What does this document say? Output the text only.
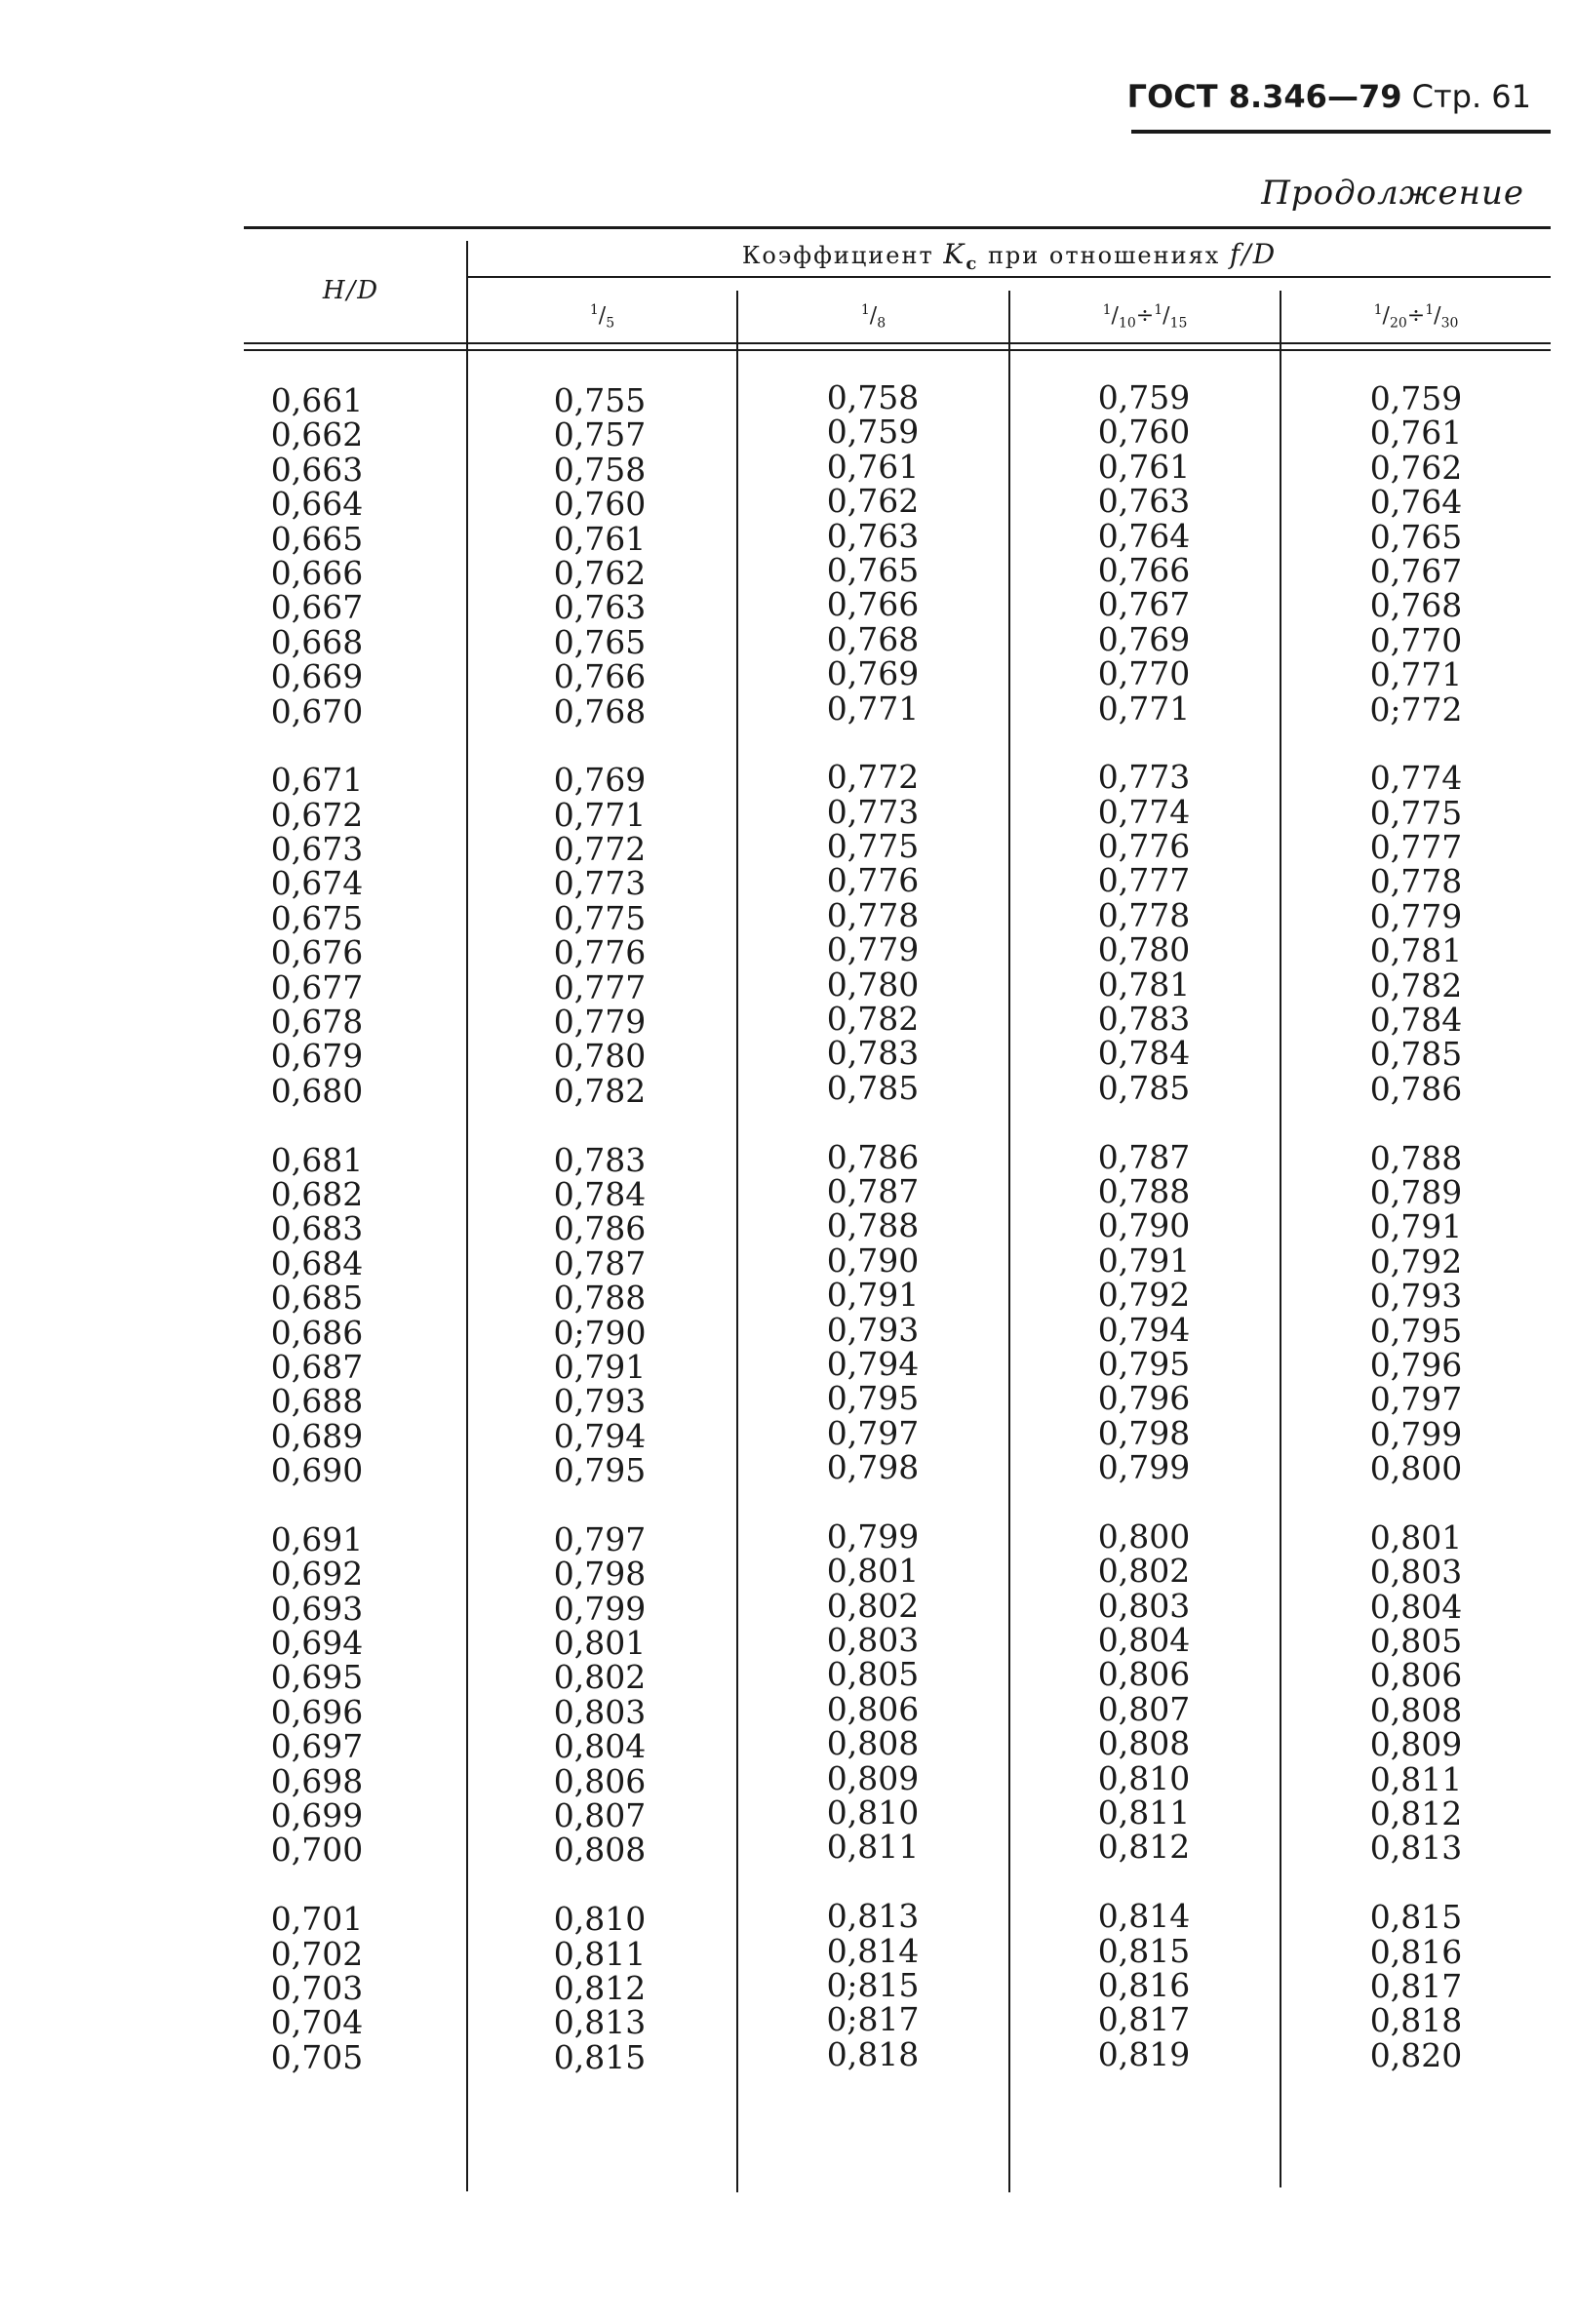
ГОСТ 8.346—79 Стр. 61
Продолжение
H/D
Коэффициент $K_с$ при отношениях f/D
$^1/_5$
$^1/_8$
$^1/_{10}\div^1/_{15}$
$^1/_{20}\div^1/_{30}$
0,661
0,662
0,663
0,664
0,665
0,666
0,667
0,668
0,669
0,670
0,671
0,672
0,673
0,674
0,675
0,676
0,677
0,678
0,679
0,680
0,681
0,682
0,683
0,684
0,685
0,686
0,687
0,688
0,689
0,690
0,691
0,692
0,693
0,694
0,695
0,696
0,697
0,698
0,699
0,700
0,701
0,702
0,703
0,704
0,705
0,755
0,757
0,758
0,760
0,761
0,762
0,763
0,765
0,766
0,768
0,769
0,771
0,772
0,773
0,775
0,776
0,777
0,779
0,780
0,782
0,783
0,784
0,786
0,787
0,788
0;790
0,791
0,793
0,794
0,795
0,797
0,798
0,799
0,801
0,802
0,803
0,804
0,806
0,807
0,808
0,810
0,811
0,812
0,813
0,815
0,758
0,759
0,761
0,762
0,763
0,765
0,766
0,768
0,769
0,771
0,772
0,773
0,775
0,776
0,778
0,779
0,780
0,782
0,783
0,785
0,786
0,787
0,788
0,790
0,791
0,793
0,794
0,795
0,797
0,798
0,799
0,801
0,802
0,803
0,805
0,806
0,808
0,809
0,810
0,811
0,813
0,814
0;815
0;817
0,818
0,759
0,760
0,761
0,763
0,764
0,766
0,767
0,769
0,770
0,771
0,773
0,774
0,776
0,777
0,778
0,780
0,781
0,783
0,784
0,785
0,787
0,788
0,790
0,791
0,792
0,794
0,795
0,796
0,798
0,799
0,800
0,802
0,803
0,804
0,806
0,807
0,808
0,810
0,811
0,812
0,814
0,815
0,816
0,817
0,819
0,759
0,761
0,762
0,764
0,765
0,767
0,768
0,770
0,771
0;772
0,774
0,775
0,777
0,778
0,779
0,781
0,782
0,784
0,785
0,786
0,788
0,789
0,791
0,792
0,793
0,795
0,796
0,797
0,799
0,800
0,801
0,803
0,804
0,805
0,806
0,808
0,809
0,811
0,812
0,813
0,815
0,816
0,817
0,818
0,820
